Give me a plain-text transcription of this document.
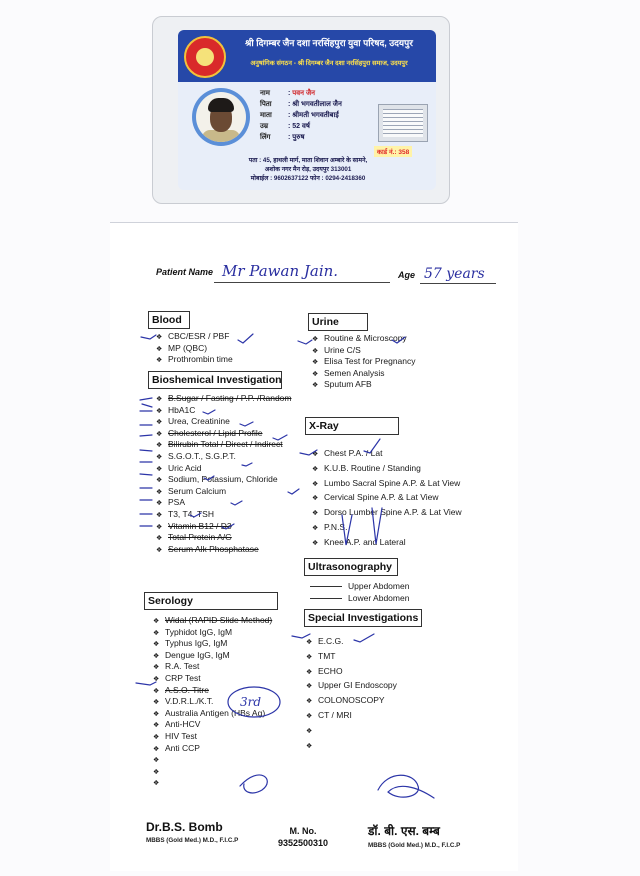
श्री दिगम्बर जैन दशा नरसिंहपुरा युवा परिषद, उदयपुर
अनुषांगिक संगठन - श्री दिगम्बर जैन दशा नरसिंहपुरा समाज, उदयपुर
नाम	: पवन जैन
पिता : श्री भगवतीलाल जैन
माता : श्रीमती भगवतीबाई
उम्र	: 52 वर्ष
लिंग	: पुरुष
कार्ड नं.: 358
पता : 45, हाथली मार्ग, माता शिवान अम्बारे के सामने,
अशोक नगर मैन रोड़, उदयपुर 313001
मोबाईल : 9602637122 फोन : 0294-2418360
Patient Name Mr Pawan Jain.	Age 57 years
Blood
❖ CBC/ESR / PBF
❖ MP (QBC)
❖ Prothrombin time
Bioshemical Investigation
❖ B.Sugar / Fasting / P.P. /Random
❖ HbA1C
❖ Urea, Creatinine
❖ Cholesterol / Lipid Profile
❖ Bilirubin Total / Direct / Indirect
❖ S.G.O.T., S.G.P.T.
❖ Uric Acid
❖ Sodium, Potassium, Chloride
❖ Serum Calcium
❖ PSA
❖ T3, T4, TSH
❖ Vitamin B12 / D3
❖ Total Protein A/G
❖ Serum Alk Phosphatase
Serology
❖ Widal (RAPID Slide Method)
❖ Typhidot IgG, IgM
❖ Typhus IgG, IgM
❖ Dengue IgG, IgM
❖ R.A. Test
❖ CRP Test
❖ A.S.O. Titre
❖ V.D.R.L./K.T.
❖ Australia Antigen (HBs Ag)
❖ Anti-HCV
❖ HIV Test
❖ Anti CCP
❖
❖
❖
Urine
❖ Routine & Microscopy
❖ Urine C/S
❖ Elisa Test for Pregnancy
❖ Semen Analysis
❖ Sputum AFB
X-Ray
❖ Chest P.A. / Lat
❖ K.U.B. Routine / Standing
❖ Lumbo Sacral Spine A.P. & Lat View
❖ Cervical Spine A.P. & Lat View
❖ Dorso Lumber Spine A.P. & Lat View
❖ P.N.S.
❖ Knee A.P. and Lateral
Ultrasonography
Upper Abdomen
Lower Abdomen
Special Investigations
❖ E.C.G.
❖ TMT
❖ ECHO
❖ Upper GI Endoscopy
❖ COLONOSCOPY
❖ CT / MRI
❖
❖
Dr.B.S. Bomb
MBBS (Gold Med.) M.D., F.I.C.P
M. No.
9352500310
डॉ. बी. एस. बम्ब
MBBS (Gold Med.) M.D., F.I.C.P
3rd
